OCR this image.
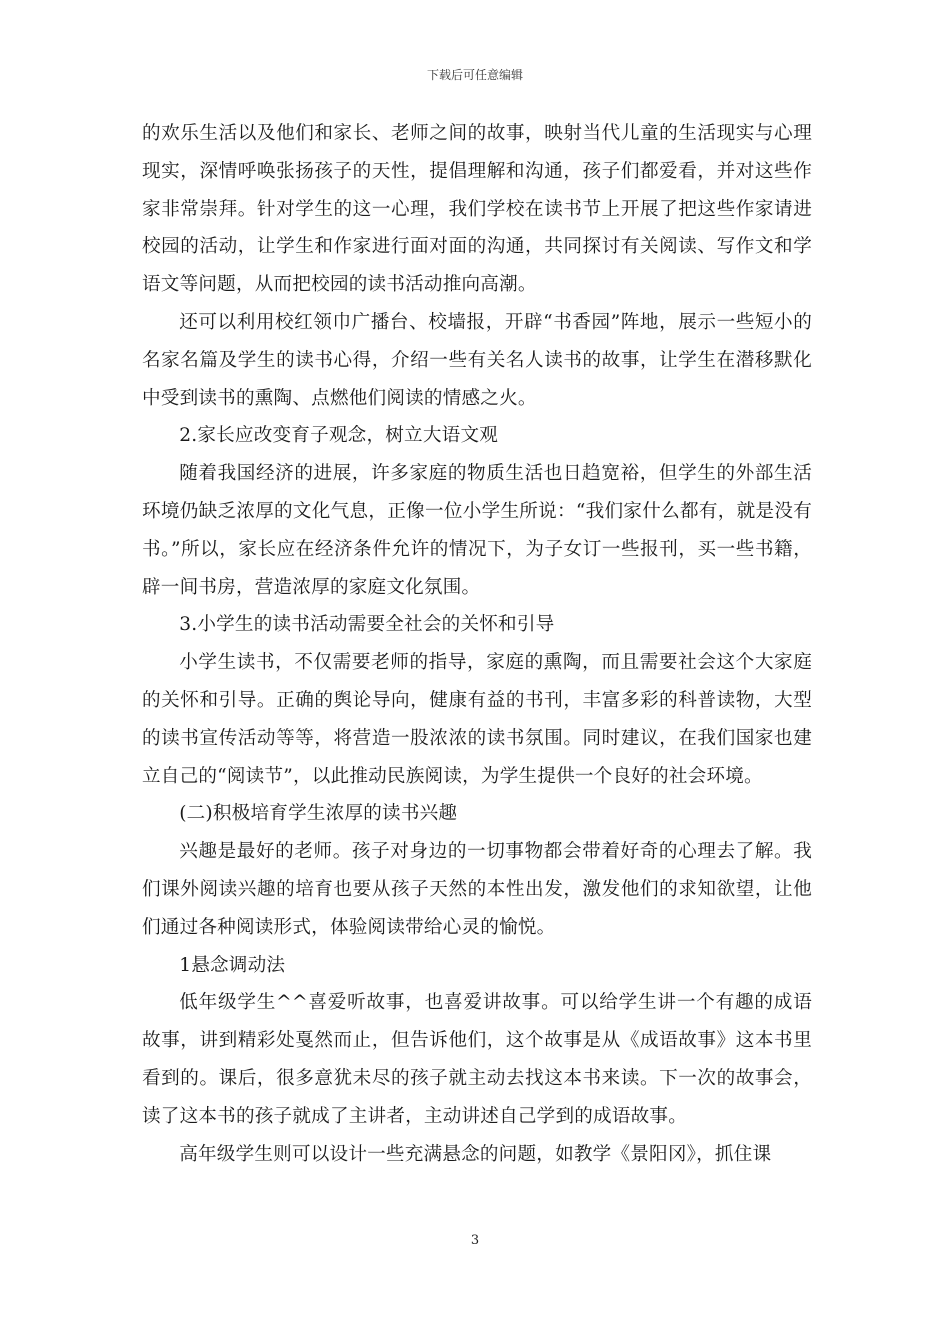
下载后可任意编辑

的欢乐生活以及他们和家长、老师之间的故事，映射当代儿童的生活现实与心理现实，深情呼唤张扬孩子的天性，提倡理解和沟通，孩子们都爱看，并对这些作家非常崇拜。针对学生的这一心理，我们学校在读书节上开展了把这些作家请进校园的活动，让学生和作家进行面对面的沟通，共同探讨有关阅读、写作文和学语文等问题，从而把校园的读书活动推向高潮。

还可以利用校红领巾广播台、校墙报，开辟“书香园”阵地，展示一些短小的名家名篇及学生的读书心得，介绍一些有关名人读书的故事，让学生在潜移默化中受到读书的熏陶、点燃他们阅读的情感之火。

2.家长应改变育子观念，树立大语文观

随着我国经济的进展，许多家庭的物质生活也日趋宽裕，但学生的外部生活环境仍缺乏浓厚的文化气息，正像一位小学生所说：“我们家什么都有，就是没有书。”所以，家长应在经济条件允许的情况下，为子女订一些报刊，买一些书籍，辟一间书房，营造浓厚的家庭文化氛围。

3.小学生的读书活动需要全社会的关怀和引导

小学生读书，不仅需要老师的指导，家庭的熏陶，而且需要社会这个大家庭的关怀和引导。正确的舆论导向，健康有益的书刊，丰富多彩的科普读物，大型的读书宣传活动等等，将营造一股浓浓的读书氛围。同时建议，在我们国家也建立自己的“阅读节”，以此推动民族阅读，为学生提供一个良好的社会环境。

(二)积极培育学生浓厚的读书兴趣

兴趣是最好的老师。孩子对身边的一切事物都会带着好奇的心理去了解。我们课外阅读兴趣的培育也要从孩子天然的本性出发，激发他们的求知欲望，让他们通过各种阅读形式，体验阅读带给心灵的愉悦。

1悬念调动法

低年级学生^^喜爱听故事，也喜爱讲故事。可以给学生讲一个有趣的成语故事，讲到精彩处戛然而止，但告诉他们，这个故事是从《成语故事》这本书里看到的。课后，很多意犹未尽的孩子就主动去找这本书来读。下一次的故事会，读了这本书的孩子就成了主讲者，主动讲述自己学到的成语故事。

高年级学生则可以设计一些充满悬念的问题，如教学《景阳冈》，抓住课

3
